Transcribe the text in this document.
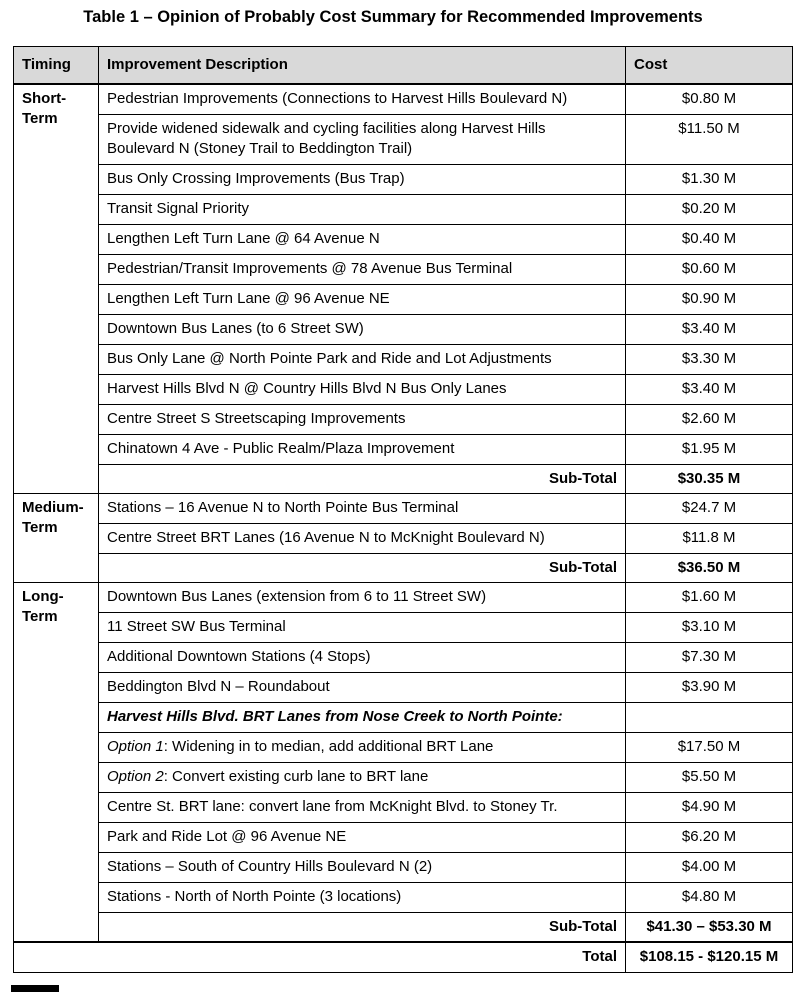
Table 1 – Opinion of Probably Cost Summary for Recommended Improvements
Timing	Improvement Description	Cost
Short-Term	Pedestrian Improvements (Connections to Harvest Hills Boulevard N)	$0.80 M
	Provide widened sidewalk and cycling facilities along Harvest Hills Boulevard N (Stoney Trail to Beddington Trail)	$11.50 M
	Bus Only Crossing Improvements (Bus Trap)	$1.30 M
	Transit Signal Priority	$0.20 M
	Lengthen Left Turn Lane @ 64 Avenue N	$0.40 M
	Pedestrian/Transit Improvements @ 78 Avenue Bus Terminal	$0.60 M
	Lengthen Left Turn Lane @ 96 Avenue NE	$0.90 M
	Downtown Bus Lanes (to 6 Street SW)	$3.40 M
	Bus Only Lane @ North Pointe Park and Ride and Lot Adjustments	$3.30 M
	Harvest Hills Blvd N @ Country Hills Blvd N Bus Only Lanes	$3.40 M
	Centre Street S Streetscaping Improvements	$2.60 M
	Chinatown 4 Ave - Public Realm/Plaza Improvement	$1.95 M
	Sub-Total	$30.35 M
Medium-Term	Stations – 16 Avenue N to North Pointe Bus Terminal	$24.7 M
	Centre Street BRT Lanes (16 Avenue N to McKnight Boulevard N)	$11.8 M
	Sub-Total	$36.50 M
Long-Term	Downtown Bus Lanes (extension from 6 to 11 Street SW)	$1.60 M
	11 Street SW Bus Terminal	$3.10 M
	Additional Downtown Stations (4 Stops)	$7.30 M
	Beddington Blvd N – Roundabout	$3.90 M
	Harvest Hills Blvd. BRT Lanes from Nose Creek to North Pointe:	
	Option 1: Widening in to median, add additional BRT Lane	$17.50 M
	Option 2: Convert existing curb lane to BRT lane	$5.50 M
	Centre St. BRT lane: convert lane from McKnight Blvd. to Stoney Tr.	$4.90 M
	Park and Ride Lot @ 96 Avenue NE	$6.20 M
	Stations – South of Country Hills Boulevard N (2)	$4.00 M
	Stations - North of North Pointe (3 locations)	$4.80 M
	Sub-Total	$41.30 – $53.30 M
Total		$108.15 - $120.15 M
